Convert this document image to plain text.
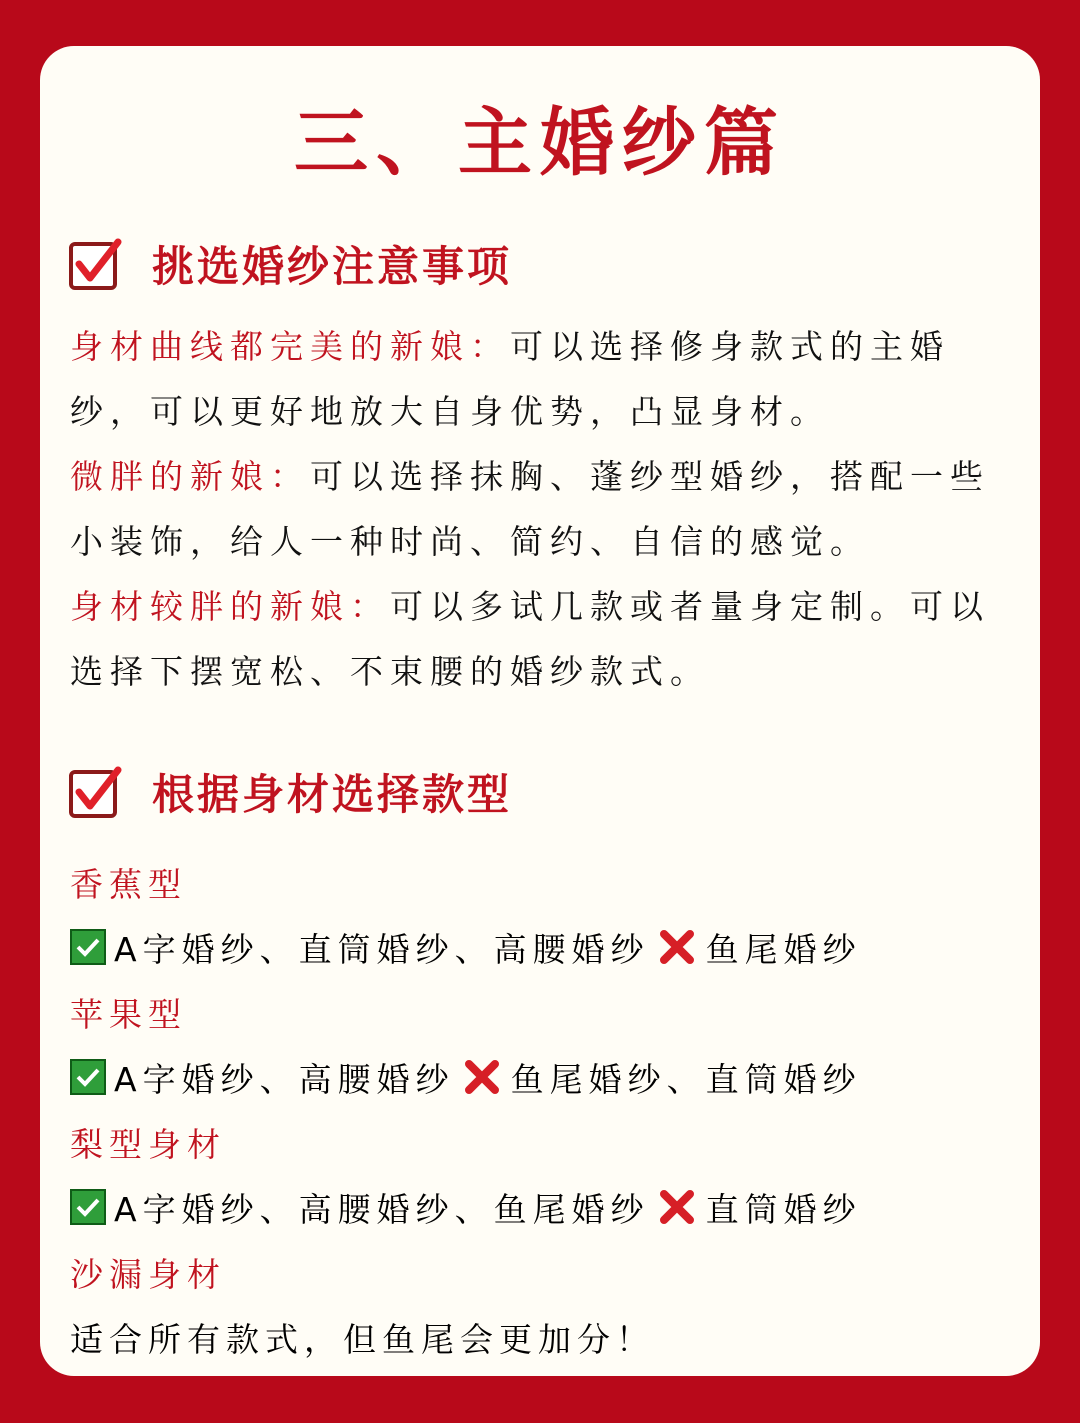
三、主婚纱篇
挑选婚纱注意事项
身材曲线都完美的新娘：可以选择修身款式的主婚纱，可以更好地放大自身优势，凸显身材。
微胖的新娘：可以选择抹胸、蓬纱型婚纱，搭配一些小装饰，给人一种时尚、简约、自信的感觉。
身材较胖的新娘：可以多试几款或者量身定制。可以选择下摆宽松、不束腰的婚纱款式。
根据身材选择款型
香蕉型
A字婚纱、直筒婚纱、高腰婚纱 鱼尾婚纱
苹果型
A字婚纱、高腰婚纱 鱼尾婚纱、直筒婚纱
梨型身材
A字婚纱、高腰婚纱、鱼尾婚纱 直筒婚纱
沙漏身材
适合所有款式，但鱼尾会更加分！
